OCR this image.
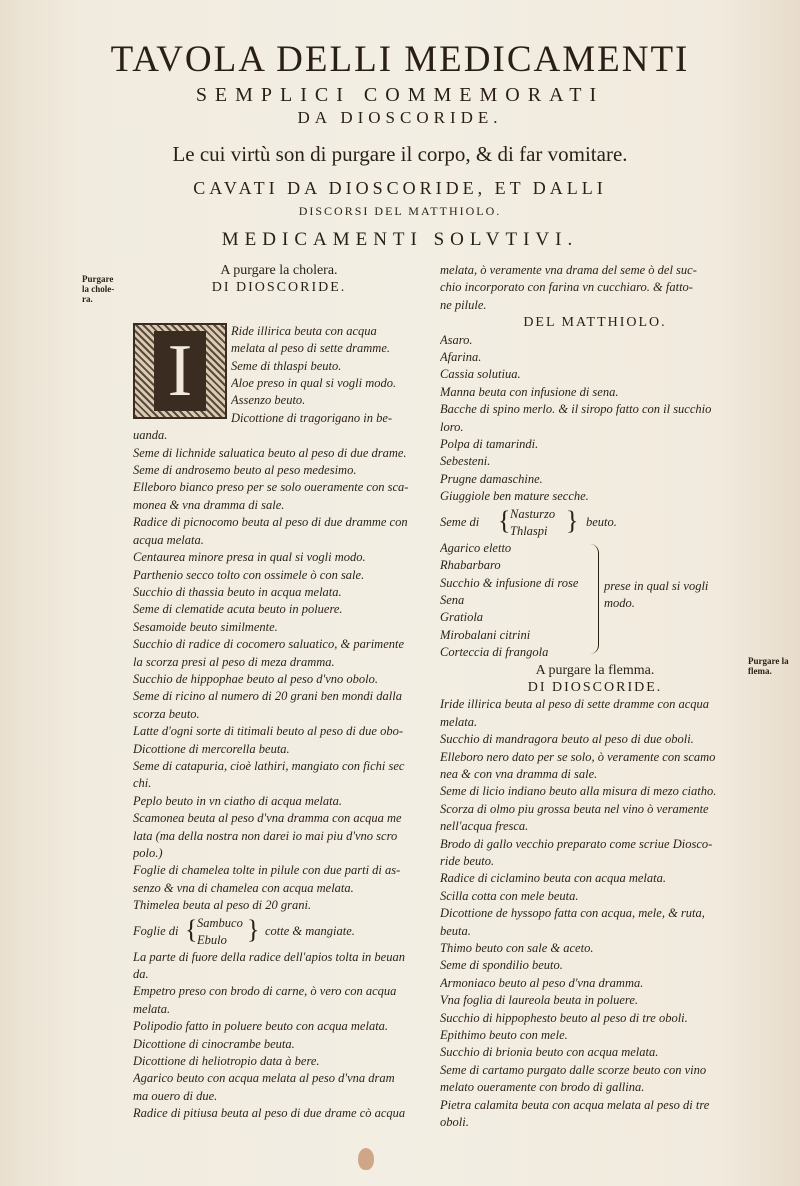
TAVOLA DELLI MEDICAMENTI
SEMPLICI COMMEMORATI
DA DIOSCORIDE.
Le cui virtù son di purgare il corpo, & di far vomitare.
CAVATI DA DIOSCORIDE, ET DALLI
DISCORSI DEL MATTHIOLO.
MEDICAMENTI SOLVTIVI.
Purgare la chole-ra.
Purgare la flema.
I
A purgare la cholera.
DI DIOSCORIDE.
Ride illirica beuta con acqua
melata al peso di sette dramme.
Seme di thlaspi beuto.
Aloe preso in qual si vogli modo.
Assenzo beuto.
Dicottione di tragorigano in be-
uanda.
Seme di lichnide saluatica beuto al peso di due drame.
Seme di androsemo beuto al peso medesimo.
Elleboro bianco preso per se solo oueramente con sca-
monea & vna dramma di sale.
Radice di picnocomo beuta al peso di due dramme con
acqua melata.
Centaurea minore presa in qual si vogli modo.
Parthenio secco tolto con ossimele ò con sale.
Succhio di thassia beuto in acqua melata.
Seme di clematide acuta beuto in poluere.
Sesamoide beuto similmente.
Succhio di radice di cocomero saluatico, & parimente
la scorza presi al peso di meza dramma.
Succhio de hippophae beuto al peso d'vno obolo.
Seme di ricino al numero di 20 grani ben mondi dalla
scorza beuto.
Latte d'ogni sorte di titimali beuto al peso di due obo-
Dicottione di mercorella beuta.
Seme di catapuria, cioè lathiri, mangiato con fichi sec
chi.
Peplo beuto in vn ciatho di acqua melata.
Scamonea beuta al peso d'vna dramma con acqua me
lata (ma della nostra non darei io mai piu d'vno scro
polo.)
Foglie di chamelea tolte in pilule con due parti di as-
senzo & vna di chamelea con acqua melata.
Thimelea beuta al peso di 20 grani.
Foglie di { Sambuco
Ebulo } cotte & mangiate.
La parte di fuore della radice dell'apios tolta in beuan
da.
Empetro preso con brodo di carne, ò vero con acqua
melata.
Polipodio fatto in poluere beuto con acqua melata.
Dicottione di cinocrambe beuta.
Dicottione di heliotropio data à bere.
Agarico beuto con acqua melata al peso d'vna dram
ma ouero di due.
Radice di pitiusa beuta al peso di due drame cò acqua
melata, ò veramente vna drama del seme ò del suc-
chio incorporato con farina vn cucchiaro. & fatto-
ne pilule.
DEL MATTHIOLO.
Asaro.
Afarina.
Cassia solutiua.
Manna beuta con infusione di sena.
Bacche di spino merlo. & il siropo fatto con il succhio
loro.
Polpa di tamarindi.
Sebesteni.
Prugne damaschine.
Giuggiole ben mature secche.
Seme di { Nasturzo
Thlaspi } beuto.
Agarico eletto
Rhabarbaro
Succhio & infusione di rose
Sena
Gratiola
Mirobalani citrini
Corteccia di frangola
prese in qual si vogli modo.
A purgare la flemma.
DI DIOSCORIDE.
Iride illirica beuta al peso di sette dramme con acqua
melata.
Succhio di mandragora beuto al peso di due oboli.
Elleboro nero dato per se solo, ò veramente con scamo
nea & con vna dramma di sale.
Seme di licio indiano beuto alla misura di mezo ciatho.
Scorza di olmo piu grossa beuta nel vino ò veramente
nell'acqua fresca.
Brodo di gallo vecchio preparato come scriue Diosco-
ride beuto.
Radice di ciclamino beuta con acqua melata.
Scilla cotta con mele beuta.
Dicottione de hyssopo fatta con acqua, mele, & ruta,
beuta.
Thimo beuto con sale & aceto.
Seme di spondilio beuto.
Armoniaco beuto al peso d'vna dramma.
Vna foglia di laureola beuta in poluere.
Succhio di hippophesto beuto al peso di tre oboli.
Epithimo beuto con mele.
Succhio di brionia beuto con acqua melata.
Seme di cartamo purgato dalle scorze beuto con vino
melato oueramente con brodo di gallina.
Pietra calamita beuta con acqua melata al peso di tre
oboli.
